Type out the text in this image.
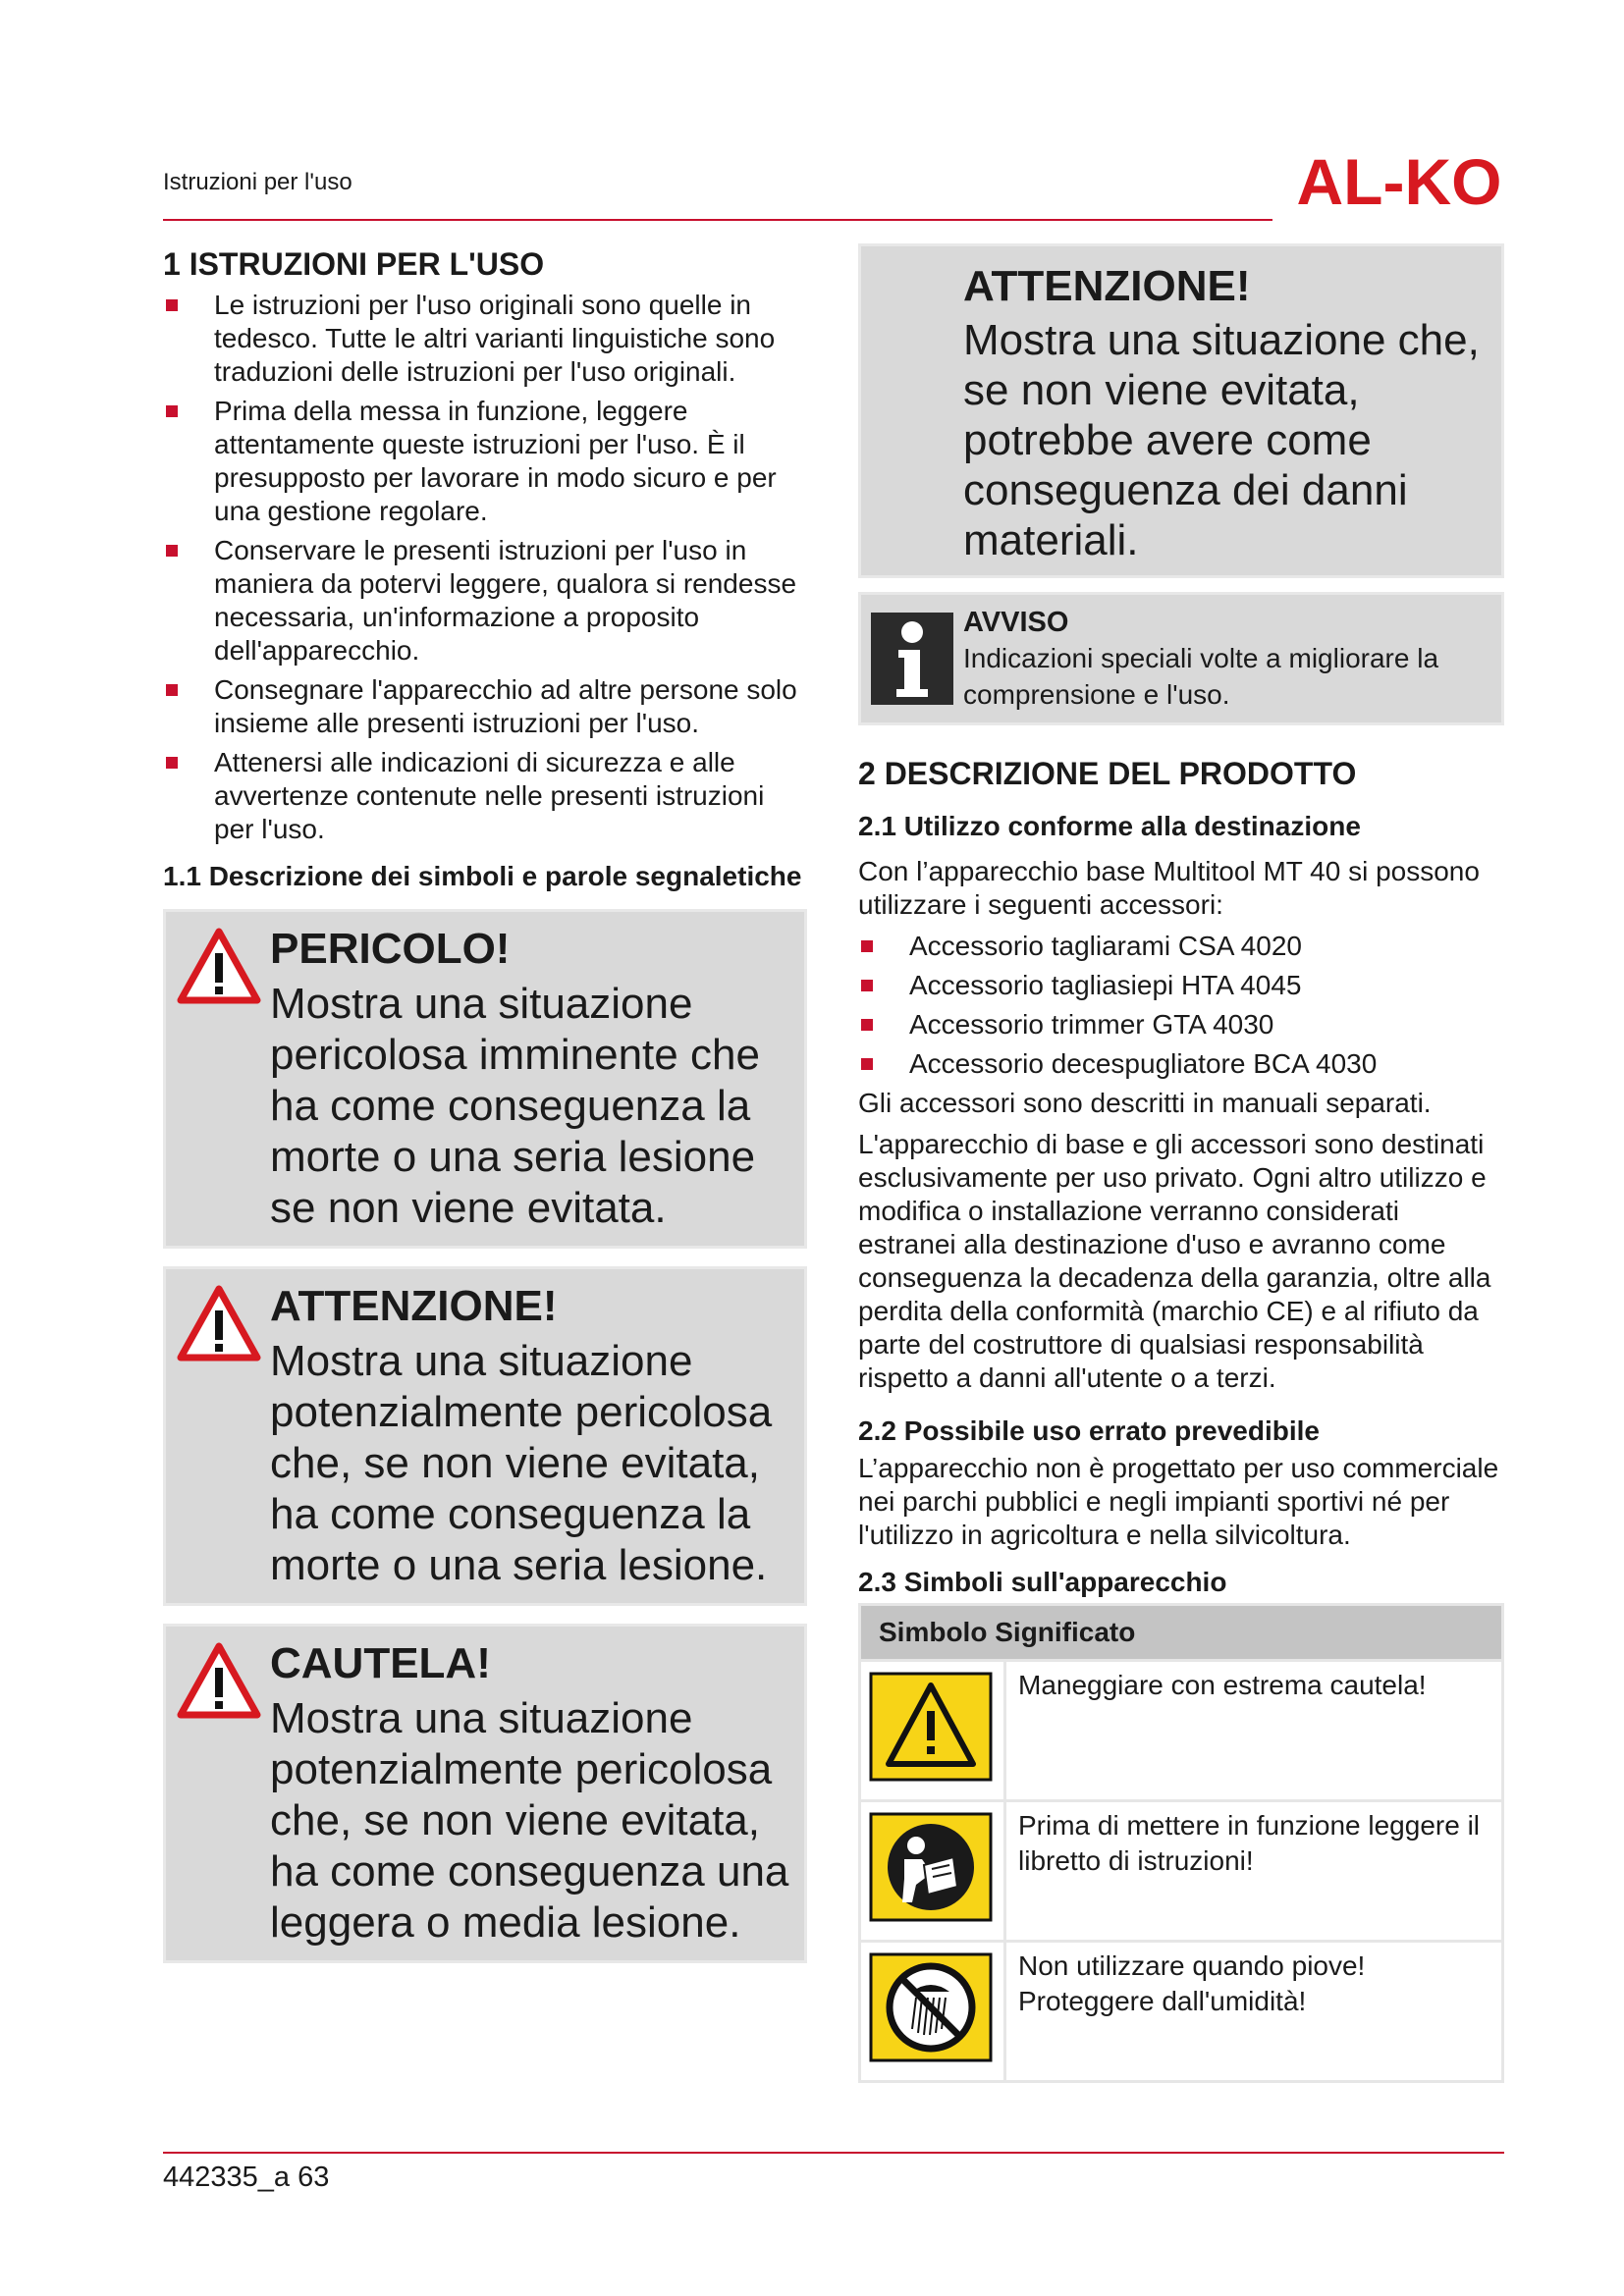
Istruzioni per l'uso	AL-KO
1 ISTRUZIONI PER L'USO
Le istruzioni per l'uso originali sono quelle in tedesco. Tutte le altri varianti linguistiche sono traduzioni delle istruzioni per l'uso originali.
Prima della messa in funzione, leggere attentamente queste istruzioni per l'uso. È il presupposto per lavorare in modo sicuro e per una gestione regolare.
Conservare le presenti istruzioni per l'uso in maniera da potervi leggere, qualora si rendesse necessaria, un'informazione a proposito dell'apparecchio.
Consegnare l'apparecchio ad altre persone solo insieme alle presenti istruzioni per l'uso.
Attenersi alle indicazioni di sicurezza e alle avvertenze contenute nelle presenti istruzioni per l'uso.
1.1 Descrizione dei simboli e parole segnaletiche
PERICOLO!
Mostra una situazione pericolosa imminente che ha come conseguenza la morte o una seria lesione se non viene evitata.
ATTENZIONE!
Mostra una situazione potenzialmente pericolosa che, se non viene evitata, ha come conseguenza la morte o una seria lesione.
CAUTELA!
Mostra una situazione potenzialmente pericolosa che, se non viene evitata, ha come conseguenza una leggera o media lesione.
ATTENZIONE!
Mostra una situazione che, se non viene evitata, potrebbe avere come conseguenza dei danni materiali.
AVVISO
Indicazioni speciali volte a migliorare la comprensione e l'uso.
2 DESCRIZIONE DEL PRODOTTO
2.1 Utilizzo conforme alla destinazione

Con l’apparecchio base Multitool MT 40 si possono utilizzare i seguenti accessori:

Accessorio tagliarami CSA 4020
Accessorio tagliasiepi HTA 4045
Accessorio trimmer GTA 4030
Accessorio decespugliatore BCA 4030

Gli accessori sono descritti in manuali separati.

L'apparecchio di base e gli accessori sono destinati esclusivamente per uso privato. Ogni altro utilizzo e modifica o installazione verranno considerati estranei alla destinazione d'uso e avranno come conseguenza la decadenza della garanzia, oltre alla perdita della conformità (marchio CE) e al rifiuto da parte del costruttore di qualsiasi responsabilità rispetto a danni all'utente o a terzi.

2.2 Possibile uso errato prevedibile

L’apparecchio non è progettato per uso commerciale nei parchi pubblici e negli impianti sportivi né per l'utilizzo in agricoltura e nella silvicoltura.

2.3 Simboli sull'apparecchio
Simbolo Significato	

	Maneggiare con estrema cautela!

	Prima di mettere in funzione leggere il libretto di istruzioni!

	Non utilizzare quando piove! Proteggere dall'umidità!
442335_a 63
